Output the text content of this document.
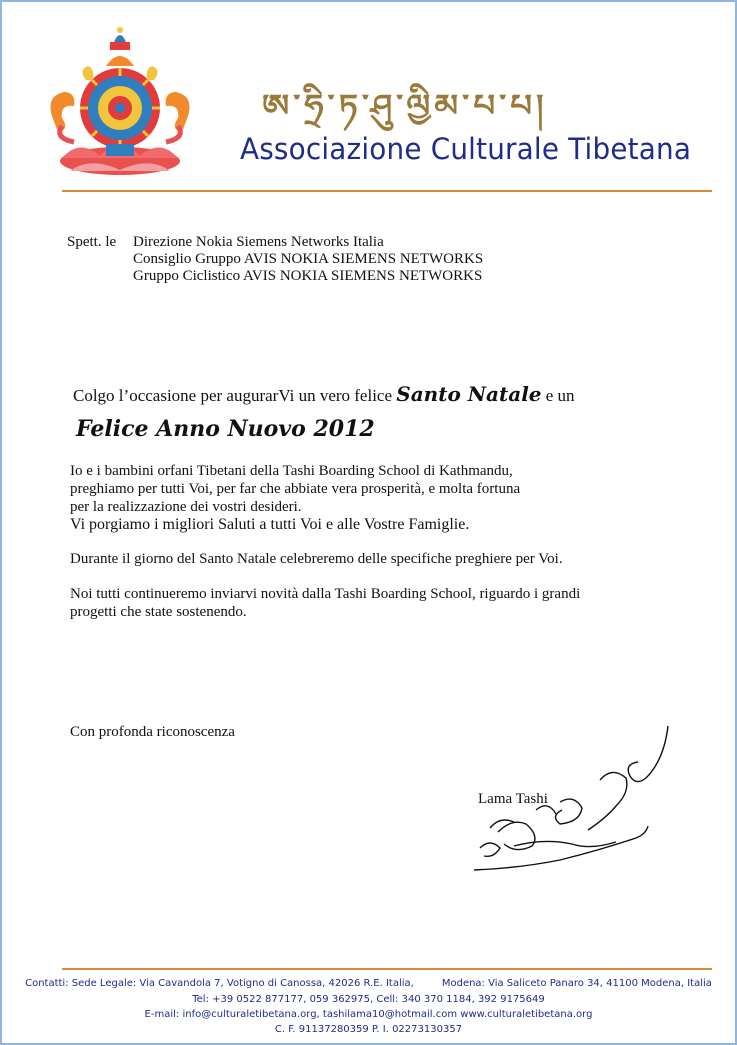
ཨ་ཧྲི་ཏ་ཤུ་ལྱིམ་པ་པ།
Associazione Culturale Tibetana
Spett. le Direzione Nokia Siemens Networks Italia
Consiglio Gruppo AVIS NOKIA SIEMENS NETWORKS
Gruppo Ciclistico AVIS NOKIA SIEMENS NETWORKS
Colgo l’occasione per augurarVi un vero felice Santo Natale e un
Felice Anno Nuovo 2012
Io e i bambini orfani Tibetani della Tashi Boarding School di Kathmandu,
preghiamo per tutti Voi, per far che abbiate vera prosperità, e molta fortuna
per la realizzazione dei vostri desideri.
Vi porgiamo i migliori Saluti a tutti Voi e alle Vostre Famiglie.
Durante il giorno del Santo Natale celebreremo delle specifiche preghiere per Voi.
Noi tutti continueremo inviarvi novità dalla Tashi Boarding School, riguardo i grandi
progetti che state sostenendo.
Con profonda riconoscenza
Lama Tashi
Contatti: Sede Legale: Via Cavandola 7, Votigno di Canossa, 42026 R.E. Italia,	Modena: Via Saliceto Panaro 34, 41100 Modena, Italia
Tel: +39 0522 877177, 059 362975, Cell: 340 370 1184, 392 9175649
E-mail: info@culturaletibetana.org, tashilama10@hotmail.com www.culturaletibetana.org
C. F. 91137280359 P. I. 02273130357
